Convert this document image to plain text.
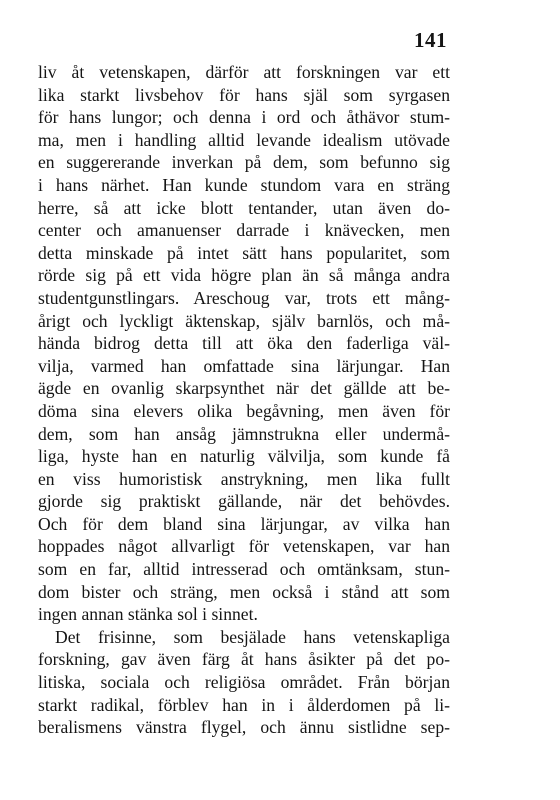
141
liv åt vetenskapen, därför att forskningen var ett
lika starkt livsbehov för hans själ som syrgasen
för hans lungor; och denna i ord och åthävor stum-
ma, men i handling alltid levande idealism utövade
en suggererande inverkan på dem, som befunno sig
i hans närhet. Han kunde stundom vara en sträng
herre, så att icke blott tentander, utan även do-
center och amanuenser darrade i knävecken, men
detta minskade på intet sätt hans popularitet, som
rörde sig på ett vida högre plan än så många andra
studentgunstlingars. Areschoug var, trots ett mång-
årigt och lyckligt äktenskap, själv barnlös, och må-
hända bidrog detta till att öka den faderliga väl-
vilja, varmed han omfattade sina lärjungar. Han
ägde en ovanlig skarpsynthet när det gällde att be-
döma sina elevers olika begåvning, men även för
dem, som han ansåg jämnstrukna eller undermå-
liga, hyste han en naturlig välvilja, som kunde få
en viss humoristisk anstrykning, men lika fullt
gjorde sig praktiskt gällande, när det behövdes.
Och för dem bland sina lärjungar, av vilka han
hoppades något allvarligt för vetenskapen, var han
som en far, alltid intresserad och omtänksam, stun-
dom bister och sträng, men också i stånd att som
ingen annan stänka sol i sinnet.
Det frisinne, som besjälade hans vetenskapliga
forskning, gav även färg åt hans åsikter på det po-
litiska, sociala och religiösa området. Från början
starkt radikal, förblev han in i ålderdomen på li-
beralismens vänstra flygel, och ännu sistlidne sep-
